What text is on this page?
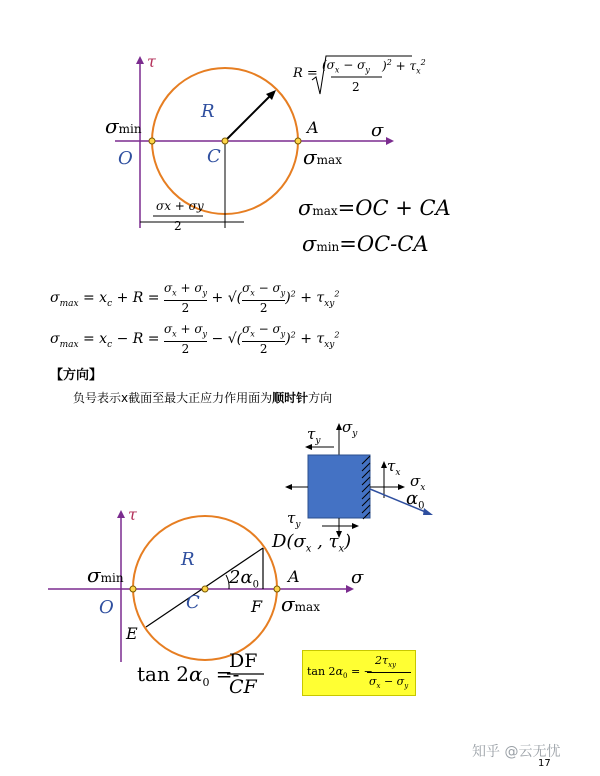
τ
σ
O	C
R
A
σmin
σmax
R =
($\sigma_x - \sigma_y$ )$^2 + \tau_x^2$
2
σx + σy
2
σmax=OC + CA
σmin=OC-CA
$\sigma_{max} = x_c + R = \frac{\sigma_x + \sigma_y}{2}$ + √( $\frac{\sigma_x - \sigma_y}{2} )^2 + \tau_{xy}^2$
$\sigma_{max} = x_c - R = \frac{\sigma_x + \sigma_y}{2}$ − √( $\frac{\sigma_x - \sigma_y}{2} )^2 + \tau_{xy}^2$
【方向】
负号表示x截面至最大正应力作用面为顺时针方向
$\tau_y$
$\sigma_y$
$\tau_x$ $\sigma_x$
$\alpha_0$
$\tau_y$
τ
σ
O	C
R
A
$D(\sigma_x$ , $\tau_x$)
E
F
$2\alpha_0$
σmin
σmax
$\tan 2\alpha_0$ =-
DF
CF
$\tan 2\alpha_0$ = −
$2\tau_{xy}$
$\sigma_x - \sigma_y$
知乎 @云无忧
17
